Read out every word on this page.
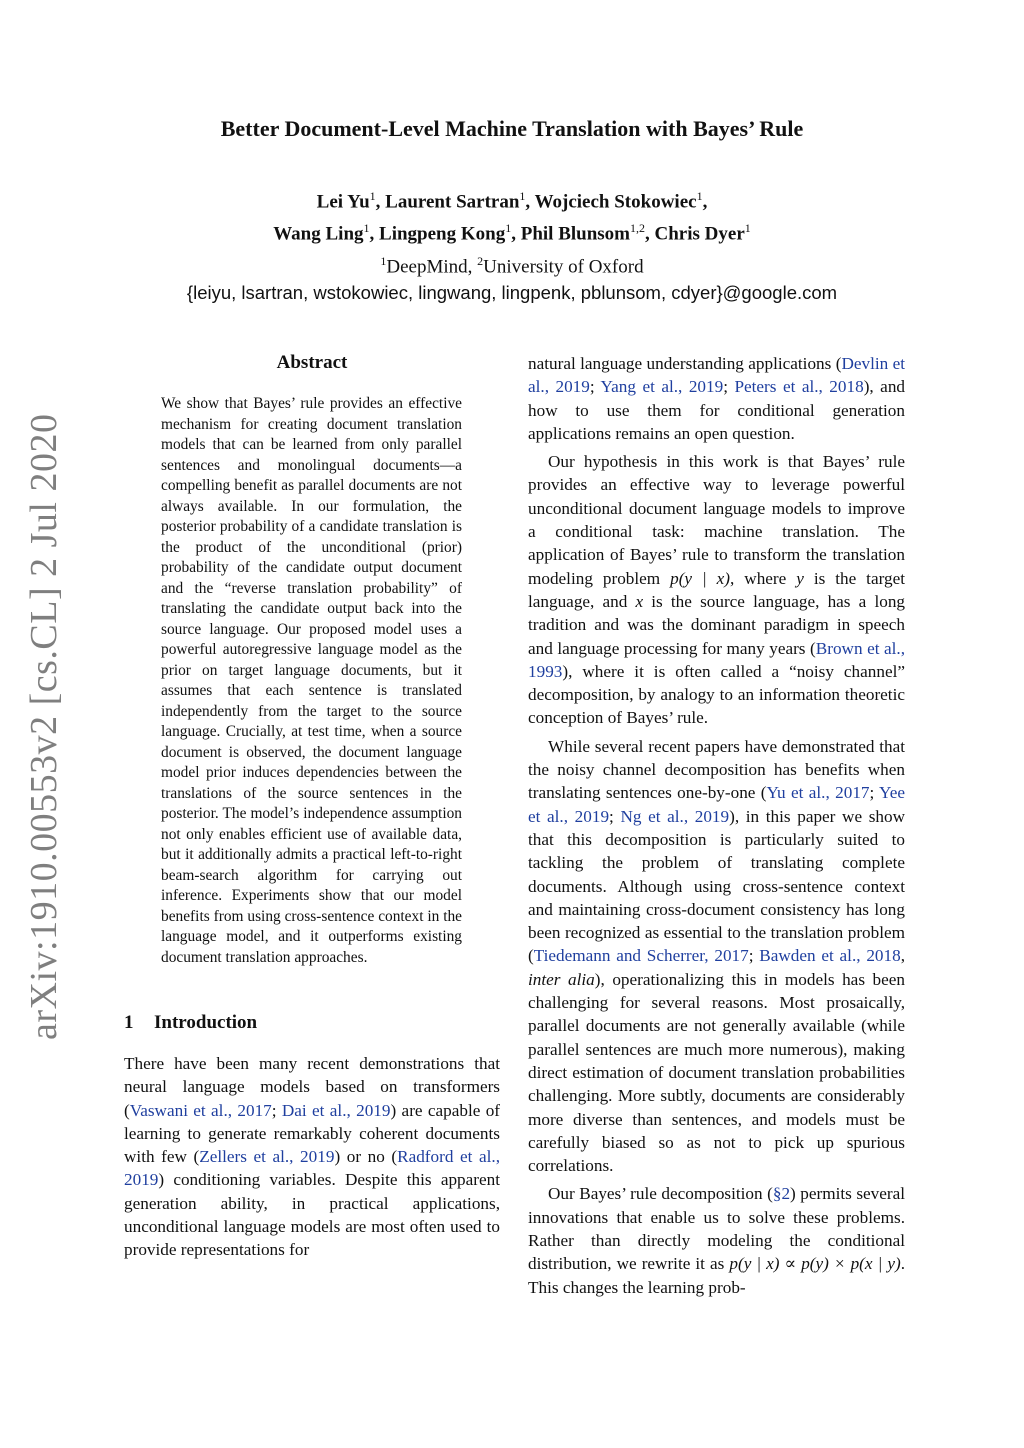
arXiv:1910.00553v2 [cs.CL] 2 Jul 2020
Better Document-Level Machine Translation with Bayes’ Rule
Lei Yu$^1$, Laurent Sartran$^1$, Wojciech Stokowiec$^1$,
Wang Ling$^1$, Lingpeng Kong$^1$, Phil Blunsom$^{1,2}$, Chris Dyer$^1$
$^1$DeepMind, $^2$University of Oxford
{leiyu, lsartran, wstokowiec, lingwang, lingpenk, pblunsom, cdyer}@google.com
Abstract
We show that Bayes’ rule provides an effective mechanism for creating document translation models that can be learned from only parallel sentences and monolingual documents—a compelling benefit as parallel documents are not always available. In our formulation, the posterior probability of a candidate translation is the product of the unconditional (prior) probability of the candidate output document and the “reverse translation probability” of translating the candidate output back into the source language. Our proposed model uses a powerful autoregressive language model as the prior on target language documents, but it assumes that each sentence is translated independently from the target to the source language. Crucially, at test time, when a source document is observed, the document language model prior induces dependencies between the translations of the source sentences in the posterior. The model’s independence assumption not only enables efficient use of available data, but it additionally admits a practical left-to-right beam-search algorithm for carrying out inference. Experiments show that our model benefits from using cross-sentence context in the language model, and it outperforms existing document translation approaches.
1 Introduction

There have been many recent demonstrations that neural language models based on transformers (Vaswani et al., 2017; Dai et al., 2019) are capable of learning to generate remarkably coherent documents with few (Zellers et al., 2019) or no (Radford et al., 2019) conditioning variables. Despite this apparent generation ability, in practical applications, unconditional language models are most often used to provide representations for

natural language understanding applications (Devlin et al., 2019; Yang et al., 2019; Peters et al., 2018), and how to use them for conditional generation applications remains an open question.

Our hypothesis in this work is that Bayes’ rule provides an effective way to leverage powerful unconditional document language models to improve a conditional task: machine translation. The application of Bayes’ rule to transform the translation modeling problem p(y | x), where y is the target language, and x is the source language, has a long tradition and was the dominant paradigm in speech and language processing for many years (Brown et al., 1993), where it is often called a “noisy channel” decomposition, by analogy to an information theoretic conception of Bayes’ rule.

While several recent papers have demonstrated that the noisy channel decomposition has benefits when translating sentences one-by-one (Yu et al., 2017; Yee et al., 2019; Ng et al., 2019), in this paper we show that this decomposition is particularly suited to tackling the problem of translating complete documents. Although using cross-sentence context and maintaining cross-document consistency has long been recognized as essential to the translation problem (Tiedemann and Scherrer, 2017; Bawden et al., 2018, inter alia), operationalizing this in models has been challenging for several reasons. Most prosaically, parallel documents are not generally available (while parallel sentences are much more numerous), making direct estimation of document translation probabilities challenging. More subtly, documents are considerably more diverse than sentences, and models must be carefully biased so as not to pick up spurious correlations.

Our Bayes’ rule decomposition (§2) permits several innovations that enable us to solve these problems. Rather than directly modeling the conditional distribution, we rewrite it as p(y | x) ∝ p(y) × p(x | y). This changes the learning prob-
